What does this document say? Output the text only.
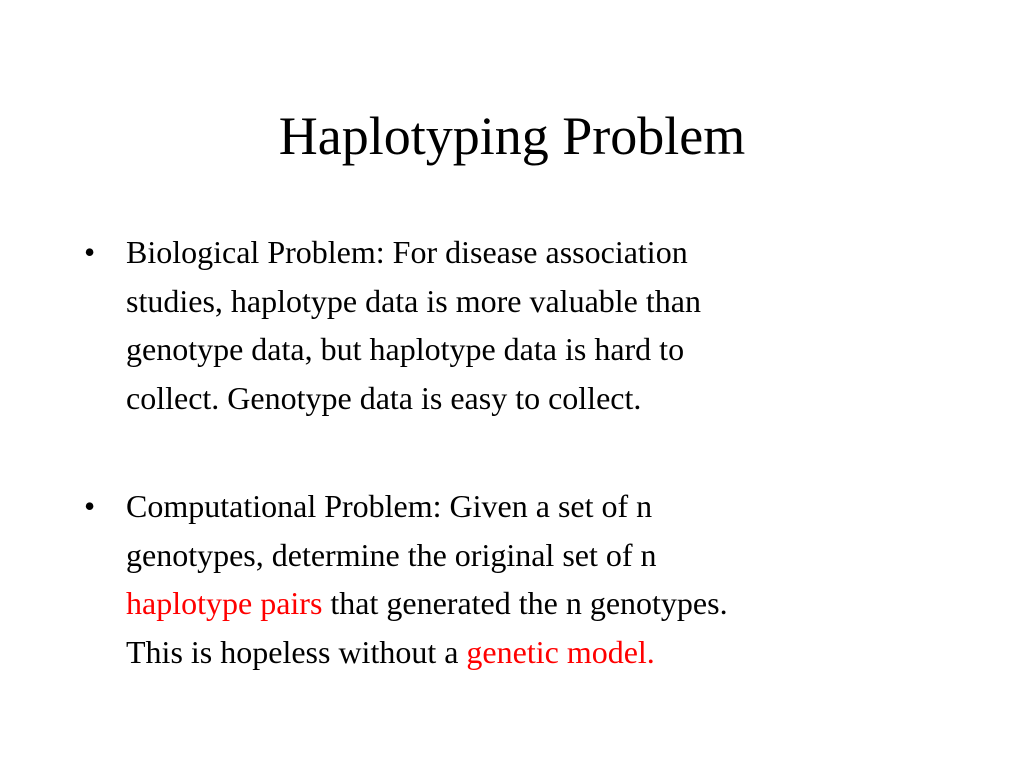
Haplotyping Problem
• Biological Problem: For disease association
studies, haplotype data is more valuable than
genotype data, but haplotype data is hard to
collect. Genotype data is easy to collect.
• Computational Problem: Given a set of n
genotypes, determine the original set of n
haplotype pairs that generated the n genotypes.
This is hopeless without a genetic model.
